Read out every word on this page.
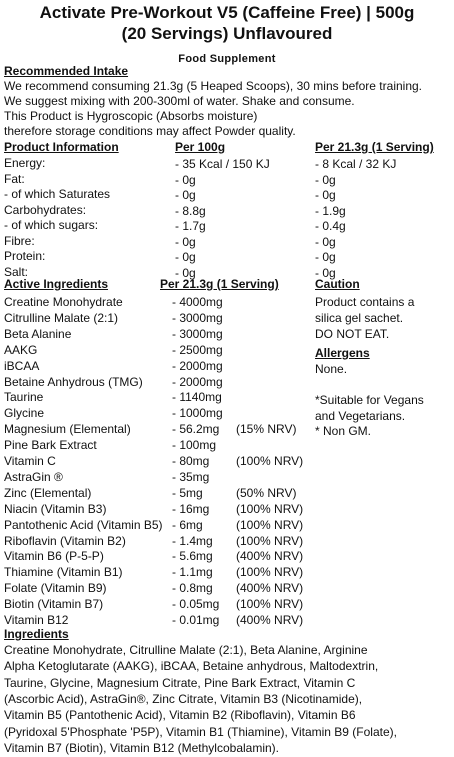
Activate Pre-Workout V5 (Caffeine Free) | 500g
(20 Servings) Unflavoured
Food Supplement
Recommended Intake
We recommend consuming 21.3g (5 Heaped Scoops), 30 mins before training.
We suggest mixing with 200-300ml of water. Shake and consume.
This Product is Hygroscopic (Absorbs moisture)
therefore storage conditions may affect Powder quality.
Product Information	Per 100g	Per 21.3g (1 Serving)
Energy:	- 35 Kcal / 150 KJ	- 8 Kcal / 32 KJ
Fat:	- 0g	- 0g
- of which Saturates	- 0g	- 0g
Carbohydrates:	- 8.8g	- 1.9g
- of which sugars:	- 1.7g	- 0.4g
Fibre:	- 0g	- 0g
Protein:	- 0g	- 0g
Salt:	- 0g	- 0g
Active Ingredients	Per 21.3g (1 Serving)
Creatine Monohydrate	- 4000mg
Citrulline Malate (2:1)	- 3000mg
Beta Alanine	- 3000mg
AAKG	- 2500mg
iBCAA	- 2000mg
Betaine Anhydrous (TMG) - 2000mg
Taurine	- 1140mg
Glycine	- 1000mg
Magnesium (Elemental)	- 56.2mg (15% NRV)
Pine Bark Extract	- 100mg
Vitamin C	- 80mg (100% NRV)
AstraGin ®	- 35mg
Zinc (Elemental)	- 5mg	(50% NRV)
Niacin (Vitamin B3)	- 16mg (100% NRV)
Pantothenic Acid (Vitamin B5) - 6mg	(100% NRV)
Riboflavin (Vitamin B2)	- 1.4mg (100% NRV)
Vitamin B6 (P-5-P)	- 5.6mg (400% NRV)
Thiamine (Vitamin B1)	- 1.1mg (100% NRV)
Folate (Vitamin B9)	- 0.8mg (400% NRV)
Biotin (Vitamin B7)	- 0.05mg (100% NRV)
Vitamin B12	- 0.01mg (400% NRV)
Caution
Product contains a
silica gel sachet.
DO NOT EAT.
Allergens
None.
*Suitable for Vegans
and Vegetarians.
* Non GM.
Ingredients
Creatine Monohydrate, Citrulline Malate (2:1), Beta Alanine, Arginine
Alpha Ketoglutarate (AAKG), iBCAA, Betaine anhydrous, Maltodextrin,
Taurine, Glycine, Magnesium Citrate, Pine Bark Extract, Vitamin C
(Ascorbic Acid), AstraGin®, Zinc Citrate, Vitamin B3 (Nicotinamide),
Vitamin B5 (Pantothenic Acid), Vitamin B2 (Riboflavin), Vitamin B6
(Pyridoxal 5'Phosphate 'P5P), Vitamin B1 (Thiamine), Vitamin B9 (Folate),
Vitamin B7 (Biotin), Vitamin B12 (Methylcobalamin).
